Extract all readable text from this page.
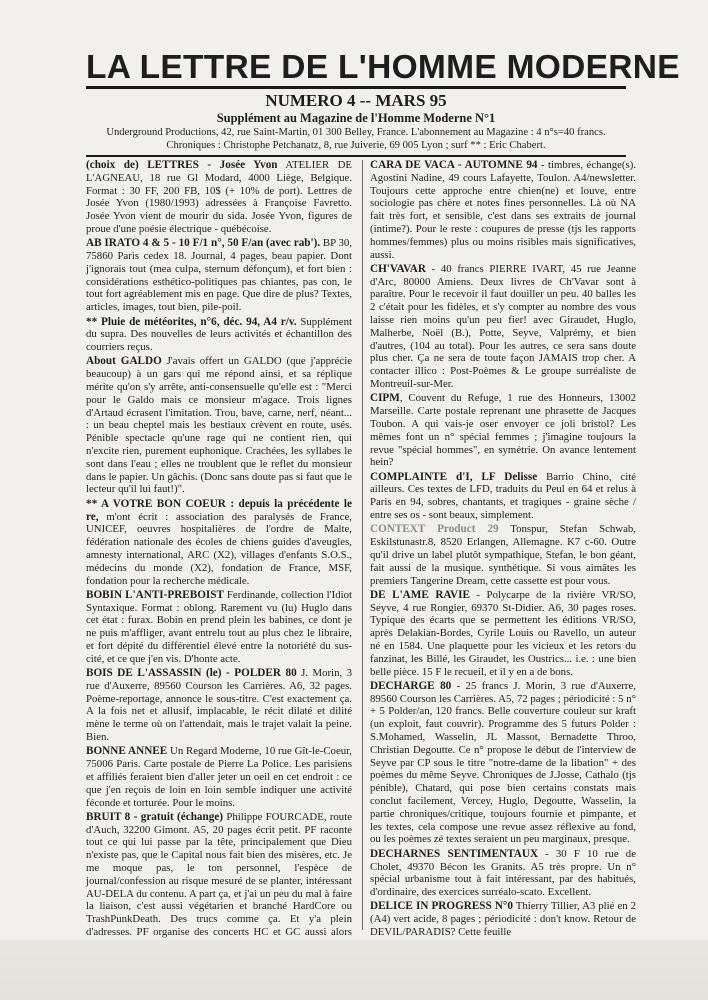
LA LETTRE DE L'HOMME MODERNE
NUMERO 4 -- MARS 95
Supplément au Magazine de l'Homme Moderne N°1
Underground Productions, 42, rue Saint-Martin, 01 300 Belley, France. L'abonnement au Magazine : 4 n°s=40 francs.
Chroniques : Christophe Petchanatz, 8, rue Juiverie, 69 005 Lyon ; surf ** : Eric Chabert.
(choix de) LETTRES - Josée Yvon ATELIER DE L'AGNEAU, 18 rue Gl Modard, 4000 Liège, Belgique. Format : 30 FF, 200 FB, 10$ (+ 10% de port). Lettres de Josée Yvon (1980/1993) adressées à Françoise Favretto. Josée Yvon vient de mourir du sida. Josée Yvon, figures de proue d'une poésie électrique - québécoise.
AB IRATO 4 & 5 - 10 F/1 n°, 50 F/an (avec rab'). BP 30, 75860 Paris cedex 18. Journal, 4 pages, beau papier. Dont j'ignorais tout (mea culpa, sternum défonçum), et fort bien : considérations esthético-politiques pas chiantes, pas con, le tout fort agréablement mis en page. Que dire de plus? Textes, articles, images, tout bien, pile-poil.
** Pluie de météorites, n°6, déc. 94, A4 r/v. Supplément du supra. Des nouvelles de leurs activités et échantillon des courriers reçus.
About GALDO J'avais offert un GALDO (que j'apprécie beaucoup) à un gars qui me répond ainsi, et sa réplique mérite qu'on s'y arrête, anti-consensuelle qu'elle est : "Merci pour le Galdo mais ce monsieur m'agace. Trois lignes d'Artaud écrasent l'imitation. Trou, bave, carne, nerf, néant... : un beau cheptel mais les bestiaux crèvent en route, usés. Pénible spectacle qu'une rage qui ne contient rien, qui n'excite rien, purement euphonique. Crachées, les syllabes le sont dans l'eau ; elles ne troublent que le reflet du monsieur dans le papier. Un gâchis. (Donc sans doute pas si faut que le lecteur qu'il lui faut!)".
** A VOTRE BON COEUR : depuis la précédente le re, m'ont écrit : association des paralysés de France, UNICEF, oeuvres hospitalières de l'ordre de Malte, fédération nationale des écoles de chiens guides d'aveugles, amnesty international, ARC (X2), villages d'enfants S.O.S., médecins du monde (X2), fondation de France, MSF, fondation pour la recherche médicale.
BOBIN L'ANTI-PREBOIST Ferdinande, collection l'Idiot Syntaxique. Format : oblong. Rarement vu (lu) Huglo dans cet état : furax. Bobin en prend plein les babines, ce dont je ne puis m'affliger, avant entrelu tout au plus chez le libraire, et fort dépité du différentiel élevé entre la notoriété du sus-cité, et ce que j'en vis. D'honte acte.
BOIS DE L'ASSASSIN (le) - POLDER 80 J. Morin, 3 rue d'Auxerre, 89560 Courson les Carrières. A6, 32 pages. Poème-reportage, annonce le sous-titre. C'est exactement ça. A la fois net et allusif, implacable, le récit dilaté et dilité mène le terme où on l'attendait, mais le trajet valait la peine. Bien.
BONNE ANNEE Un Regard Moderne, 10 rue Gît-le-Coeur, 75006 Paris. Carte postale de Pierre La Police. Les parisiens et affiliés feraient bien d'aller jeter un oeil en cet endroit : ce que j'en reçois de loin en loin semble indiquer une activité féconde et torturée. Pour le moins.
BRUIT 8 - gratuit (échange) Philippe FOURCADE, route d'Auch, 32200 Gimont. A5, 20 pages écrit petit. PF raconte tout ce qui lui passe par la tête, principalement que Dieu n'existe pas, que le Capital nous fait bien des misères, etc. Je me moque pas, le ton personnel, l'espèce de journal/confession au risque mesuré de se planter, intéressant AU-DELA du contenu. A part ça, et j'ai un peu du mal à faire la liaison, c'est aussi végétarien et branché HardCore ou TrashPunkDeath. Des trucs comme ça. Et y'a plein d'adresses. PF organise des concerts HC et GC aussi alors
CARA DE VACA - AUTOMNE 94 - timbres, échange(s). Agostini Nadine, 49 cours Lafayette, Toulon. A4/newsletter. Toujours cette approche entre chien(ne) et louve, entre sociologie pas chère et notes fines personnelles. Là où NA fait très fort, et sensible, c'est dans ses extraits de journal (intime?). Pour le reste : coupures de presse (tjs les rapports hommes/femmes) plus ou moins risibles mais significatives, aussi.
CH'VAVAR - 40 francs PIERRE IVART, 45 rue Jeanne d'Arc, 80000 Amiens. Deux livres de Ch'Vavar sont à paraître. Pour le recevoir il faut douiller un peu. 40 balles les 2 c'était pour les fidèles, et s'y compter au nombre des vous laisse rien moins qu'un peu fier! avec Giraudet, Huglo, Malherbe, Noël (B.), Potte, Seyve, Valprémy, et bien d'autres, (104 au total). Pour les autres, ce sera sans doute plus cher. Ça ne sera de toute façon JAMAIS trop cher. A contacter illico : Post-Poèmes & Le groupe surréaliste de Montreuil-sur-Mer.
CIPM, Couvent du Refuge, 1 rue des Honneurs, 13002 Marseille. Carte postale reprenant une phrasette de Jacques Toubon. A qui vais-je oser envoyer ce joli bristol? Les mêmes font un n° spécial femmes ; j'imagine toujours la revue "spécial hommes", en symétrie. On avance lentement hein?
COMPLAINTE d'I, LF Delisse Barrio Chino, cité ailleurs. Ces textes de LFD, traduits du Peul en 64 et relus à Paris en 94, sobres, chantants, et tragiques - graine sèche / entre ses os - sont beaux, simplement.
CONTEXT Product 29 Tonspur, Stefan Schwab, Eskilstunastr.8, 8520 Erlangen, Allemagne. K7 c-60. Outre qu'il drive un label plutôt sympathique, Stefan, le bon géant, fait aussi de la musique. synthétique. Si vous aimâtes les premiers Tangerine Dream, cette cassette est pour vous.
DE L'AME RAVIE - Polycarpe de la rivière VR/SO, Seyve, 4 rue Rongier, 69370 St-Didier. A6, 30 pages roses. Typique des écarts que se permettent les éditions VR/SO, après Delakian-Bordes, Cyrile Louis ou Ravello, un auteur né en 1584. Une plaquette pour les vicieux et les retors du fanzinat, les Billé, les Giraudet, les Oustrics... i.e. : une bien belle pièce. 15 F le recueil, et il y en a de bons.
DECHARGE 80 - 25 francs J. Morin, 3 rue d'Auxerre, 89560 Courson les Carrières. A5, 72 pages ; périodicité : 5 n° + 5 Polder/an, 120 francs. Belle couverture couleur sur kraft (un exploit, faut couvrir). Programme des 5 futurs Polder : S.Mohamed, Wasselin, JL Massot, Bernadette Throo, Christian Degoutte. Ce n° propose le début de l'interview de Seyve par CP sous le titre "notre-dame de la libation" + des poèmes du même Seyve. Chroniques de J.Josse, Cathalo (tjs pénible), Chatard, qui pose bien certains constats mais conclut facilement, Vercey, Huglo, Degoutte, Wasselin, la partie chroniques/critique, toujours fournie et pimpante, et les textes, cela compose une revue assez réflexive au fond, ou les poèmes zé textes seraient un peu marginaux, presque.
DECHARNES SENTIMENTAUX - 30 F 10 rue de Cholet, 49370 Bécon les Granits. A5 très propre. Un n° spécial urbanisme tout à fait intéressant, par des habitués, d'ordinaire, des exercices surréalo-scato. Excellent.
DELICE IN PROGRESS N°0 Thierry Tillier, A3 plié en 2 (A4) vert acide, 8 pages ; périodicité : don't know. Retour de DEVIL/PARADIS? Cette feuille
